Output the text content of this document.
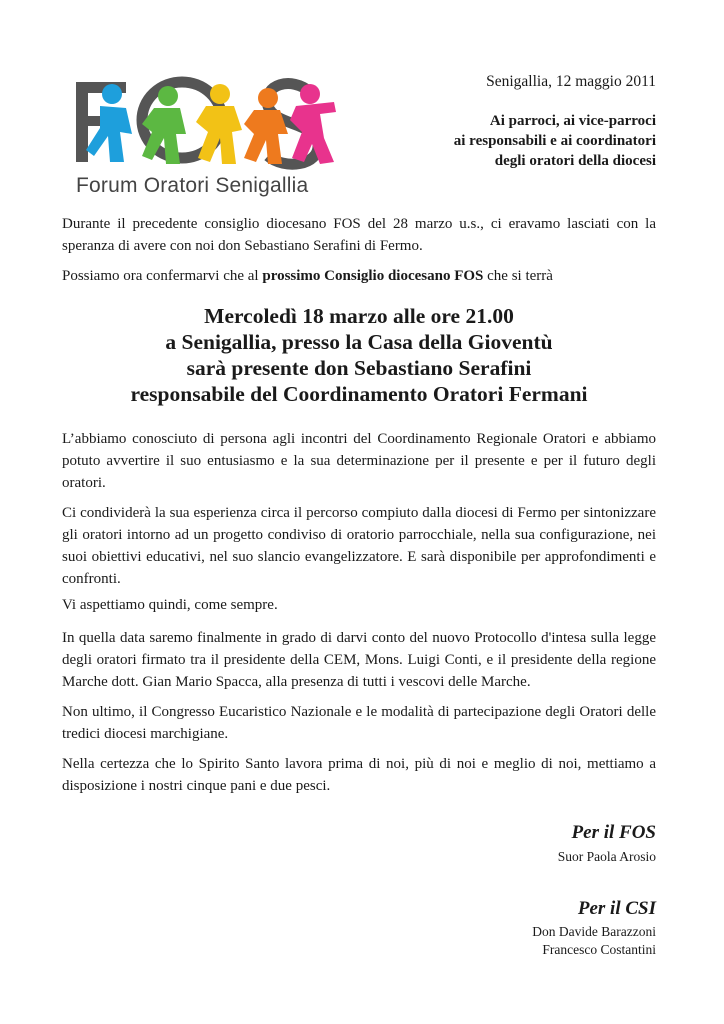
Forum Oratori Senigallia
Senigallia, 12 maggio 2011
Ai parroci, ai vice-parroci
ai responsabili e ai coordinatori
degli oratori della diocesi

Durante il precedente consiglio diocesano FOS del 28 marzo u.s., ci eravamo lasciati con la speranza di avere con noi don Sebastiano Serafini di Fermo.

Possiamo ora confermarvi che al prossimo Consiglio diocesano FOS che si terrà

Mercoledì 18 marzo alle ore 21.00
a Senigallia, presso la Casa della Gioventù
sarà presente don Sebastiano Serafini
responsabile del Coordinamento Oratori Fermani

L’abbiamo conosciuto di persona agli incontri del Coordinamento Regionale Oratori e abbiamo potuto avvertire il suo entusiasmo e la sua determinazione per il presente e per il futuro degli oratori.

Ci condividerà la sua esperienza circa il percorso compiuto dalla diocesi di Fermo per sintonizzare gli oratori intorno ad un progetto condiviso di oratorio parrocchiale, nella sua configurazione, nei suoi obiettivi educativi, nel suo slancio evangelizzatore. E sarà disponibile per approfondimenti e confronti.

Vi aspettiamo quindi, come sempre.

In quella data saremo finalmente in grado di darvi conto del nuovo Protocollo d'intesa sulla legge degli oratori firmato tra il presidente della CEM, Mons. Luigi Conti, e il presidente della regione Marche dott. Gian Mario Spacca, alla presenza di tutti i vescovi delle Marche.

Non ultimo, il Congresso Eucaristico Nazionale e le modalità di partecipazione degli Oratori delle tredici diocesi marchigiane.

Nella certezza che lo Spirito Santo lavora prima di noi, più di noi e meglio di noi, mettiamo a disposizione i nostri cinque pani e due pesci.

Per il FOS
Suor Paola Arosio
Per il CSI
Don Davide Barazzoni
Francesco Costantini
